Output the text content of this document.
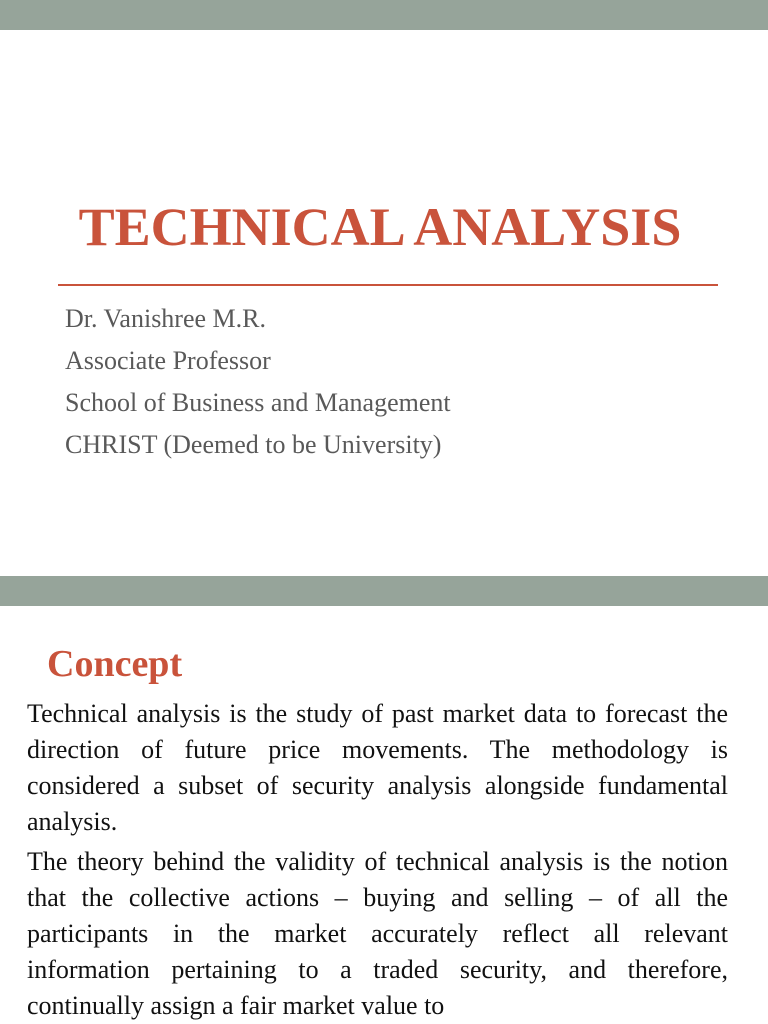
TECHNICAL ANALYSIS
Dr. Vanishree M.R.
Associate Professor
School of Business and Management
CHRIST (Deemed to be University)
Concept

Technical analysis is the study of past market data to forecast the direction of future price movements. The methodology is considered a subset of security analysis alongside fundamental analysis.

The theory behind the validity of technical analysis is the notion that the collective actions – buying and selling – of all the participants in the market accurately reflect all relevant information pertaining to a traded security, and therefore, continually assign a fair market value to
